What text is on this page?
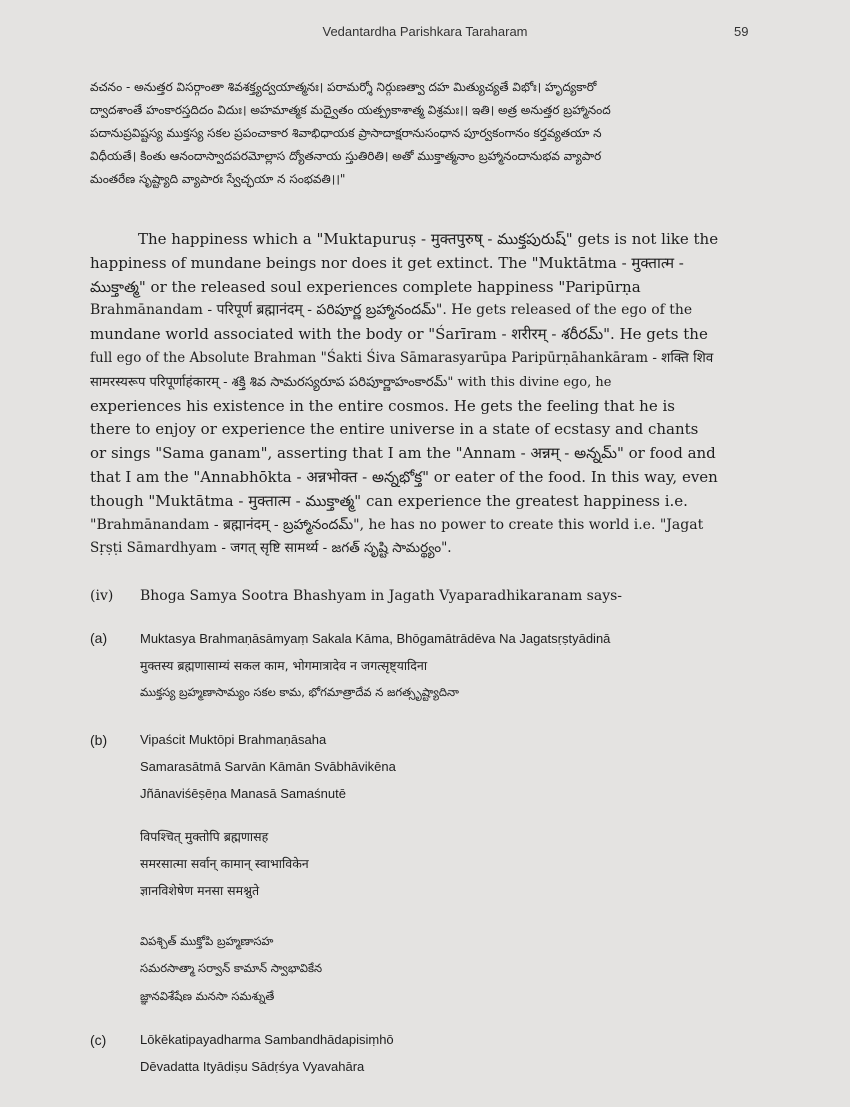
Vedantardha Parishkara Taraharam	59
వచనం - అనుత్తర విసర్గాంతా శివశక్త్యద్వయాత్మనః। పరామర్శో నిర్గుణత్వా దహ మిత్యుచ్యతే విభోః। హృద్యకారో
ద్వాదశాంతే హంకారస్తదిదం విదుః। అహమాత్మక మద్వైతం యత్ప్రకాశాత్మ విశ్రమః।। ఇతి। అత్ర అనుత్తర బ్రహ్మానంద
పదానుప్రవిష్టస్య ముక్తస్య సకల ప్రపంచాకార శివాభిధాయక ప్రాసాదాక్షరానుసంధాన పూర్వకంగానం కర్తవ్యతయా న
విధీయతే। కింతు ఆనందాస్వాదపరమోల్లాస ద్యోతనాయ స్తుతిరితి। అతో ముక్తాత్మనాం బ్రహ్మానందానుభవ వ్యాపార
మంతరేణ సృష్ట్యాది వ్యాపారః స్వేచ్ఛయా న సంభవతి।।"
The happiness which a "Muktapuruṣ - मुक्तपुरुष् - ముక్తపురుష్" gets is not like the
happiness of mundane beings nor does it get extinct. The "Muktātma - मुक्तात्म -
ముక్తాత్మ" or the released soul experiences complete happiness "Paripūrṇa
Brahmānandam - परिपूर्ण ब्रह्मानंदम् - పరిపూర్ణ బ్రహ్మానందమ్". He gets released of the ego of the
mundane world associated with the body or "Śarīram - शरीरम् - శరీరమ్". He gets the
full ego of the Absolute Brahman "Śakti Śiva Sāmarasyarūpa Paripūrṇāhankāram - शक्ति शिव
सामरस्यरूप परिपूर्णाहंकारम् - శక్తి శివ సామరస్యరూప పరిపూర్ణాహంకారమ్" with this divine ego, he
experiences his existence in the entire cosmos. He gets the feeling that he is
there to enjoy or experience the entire universe in a state of ecstasy and chants
or sings "Sama ganam", asserting that I am the "Annam - अन्नम् - అన్నమ్" or food and
that I am the "Annabhōkta - अन्नभोक्त - అన్నభోక్త" or eater of the food. In this way, even
though "Muktātma - मुक्तात्म - ముక్తాత్మ" can experience the greatest happiness i.e.
"Brahmānandam - ब्रह्मानंदम् - బ్రహ్మానందమ్", he has no power to create this world i.e. "Jagat
Sṛṣṭi Sāmardhyam - जगत् सृष्टि सामर्थ्य - జగత్ సృష్టి సామర్థ్యం".
(iv) Bhoga Samya Sootra Bhashyam in Jagath Vyaparadhikaranam says-
(a)	Muktasya Brahmaṇāsāmyaṃ Sakala Kāma, Bhōgamātrādēva Na Jagatsṛṣtyādinā
मुक्तस्य ब्रह्मणासाम्यं सकल काम, भोगमात्रादेव न जगत्सृष्ट्यादिना
ముక్తస్య బ్రహ్మణాసామ్యం సకల కామ, భోగమాత్రాదేవ న జగత్సృష్ట్యాదినా
(b)	Vipaścit Muktōpi Brahmaṇāsaha
Samarasātmā Sarvān Kāmān Svābhāvikēna
Jñānaviśēṣēṇa Manasā Samaśnutē
विपश्चित् मुक्तोपि ब्रह्मणासह
समरसात्मा सर्वान् कामान् स्वाभाविकेन
ज्ञानविशेषेण मनसा समश्नुते
విపశ్చిత్ ముక్తోపి బ్రహ్మణాసహ
సమరసాత్మా సర్వాన్ కామాన్ స్వాభావికేన
జ్ఞానవిశేషేణ మనసా సమశ్నుతే
(c)	Lōkēkatipayadharma Sambandhādapisiṃhō
Dēvadatta Ityādiṣu Sādṛśya Vyavahāra
